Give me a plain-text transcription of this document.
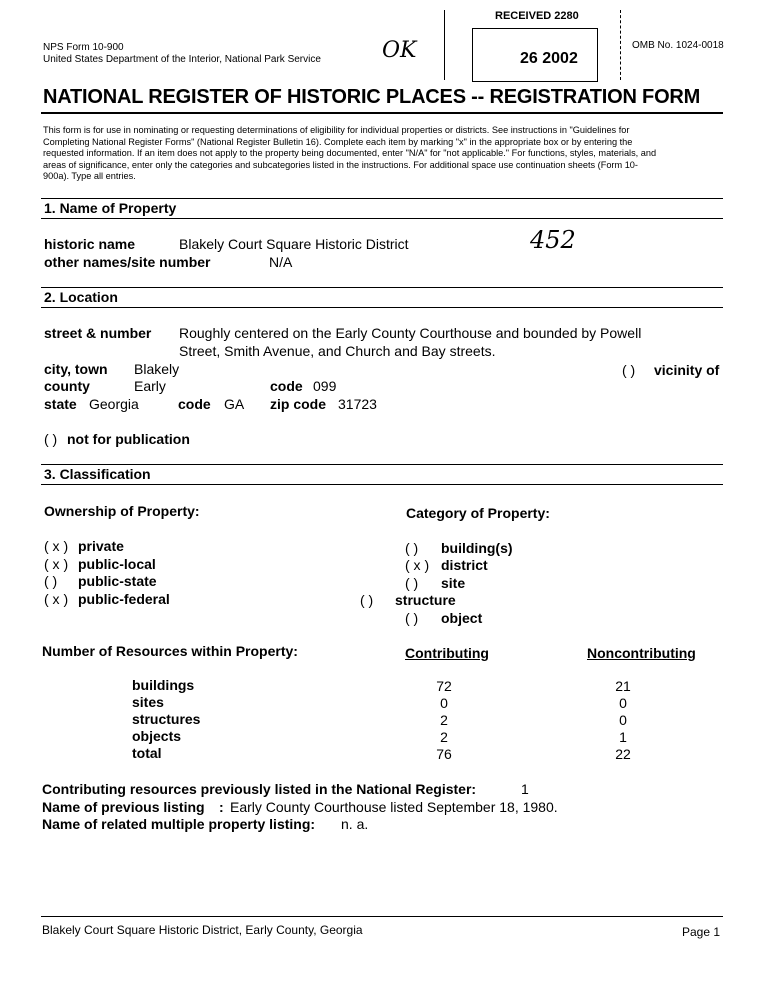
NPS Form 10-900
United States Department of the Interior, National Park Service
OMB No. 1024-0018
OK
RECEIVED 2280
26 2002
NATIONAL REGISTER OF HISTORIC PLACES -- REGISTRATION FORM
This form is for use in nominating or requesting determinations of eligibility for individual properties or districts. See instructions in "Guidelines for
Completing National Register Forms" (National Register Bulletin 16). Complete each item by marking "x" in the appropriate box or by entering the
requested information. If an item does not apply to the property being documented, enter "N/A" for "not applicable." For functions, styles, materials, and
areas of significance, enter only the categories and subcategories listed in the instructions. For additional space use continuation sheets (Form 10-
900a). Type all entries.
1. Name of Property
historic name	Blakely Court Square Historic District
other names/site number	N/A
452
2. Location
street & number Roughly centered on the Early County Courthouse and bounded by Powell
Street, Smith Avenue, and Church and Bay streets.
city, town Blakely	( ) vicinity of
county	Early	code 099
state Georgia	code GA zip code 31723
( ) not for publication
3. Classification
Ownership of Property:	Category of Property:
( x ) private
( x ) public-local
( ) public-state
( x ) public-federal
( ) building(s)
( x ) district
( ) site
( ) structure
( ) object
Number of Resources within Property:	Contributing	Noncontributing
buildings	72	21
sites	0	0
structures	2	0
objects	2	1
total	76	22
Contributing resources previously listed in the National Register:	1
Name of previous listing : Early County Courthouse listed September 18, 1980.
Name of related multiple property listing: n. a.
Blakely Court Square Historic District, Early County, Georgia	Page 1
